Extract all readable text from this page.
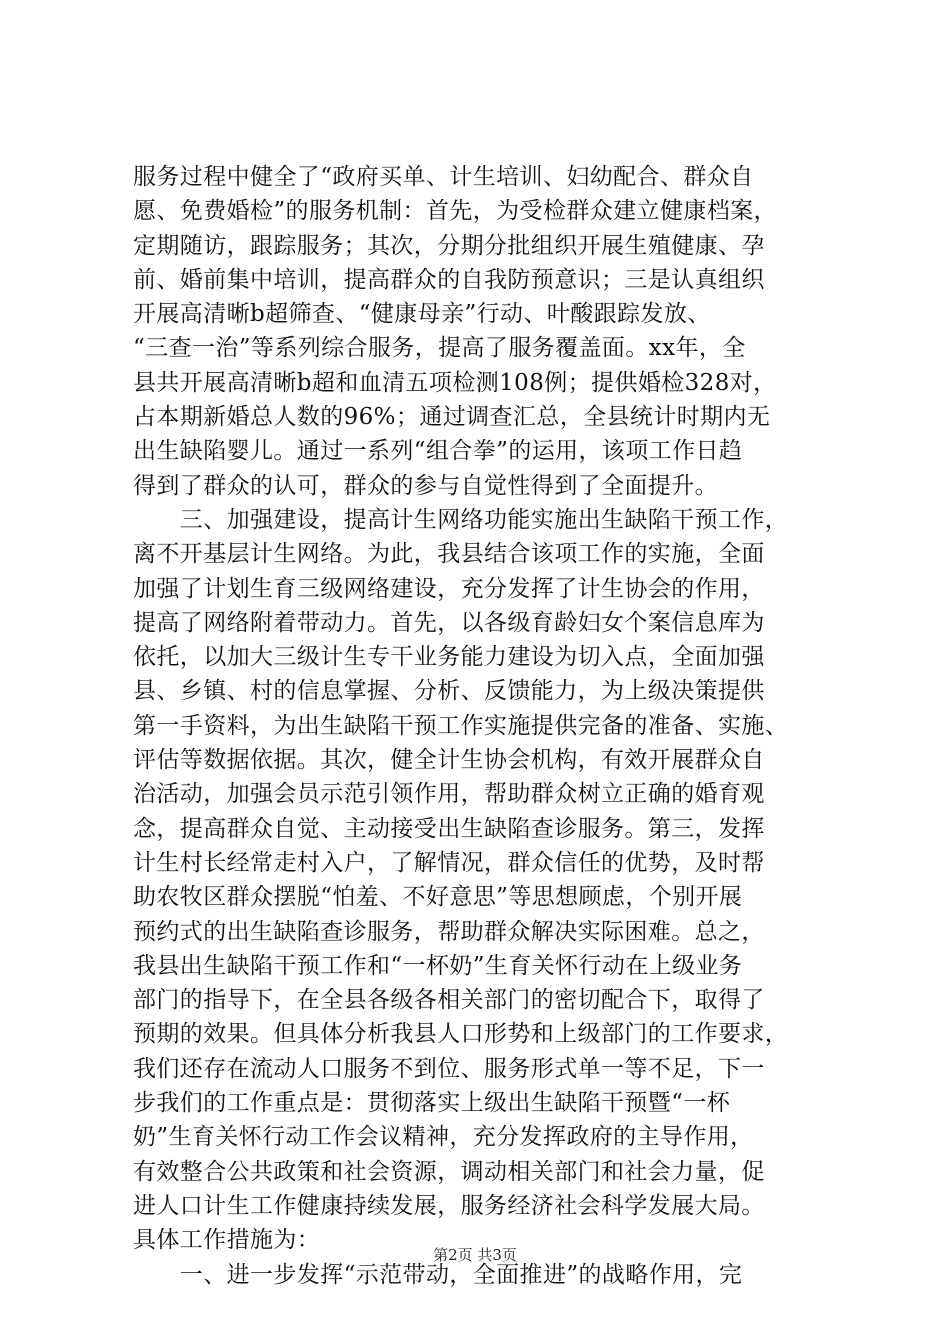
服务过程中健全了“政府买单、计生培训、妇幼配合、群众自
愿、免费婚检”的服务机制：首先，为受检群众建立健康档案，
定期随访，跟踪服务；其次，分期分批组织开展生殖健康、孕
前、婚前集中培训，提高群众的自我防预意识；三是认真组织
开展高清晰b超筛查、“健康母亲”行动、叶酸跟踪发放、
“三查一治”等系列综合服务，提高了服务覆盖面。xx年，全
县共开展高清晰b超和血清五项检测108例；提供婚检328对，
占本期新婚总人数的96%；通过调查汇总，全县统计时期内无
出生缺陷婴儿。通过一系列“组合拳”的运用，该项工作日趋
得到了群众的认可，群众的参与自觉性得到了全面提升。
　　三、加强建设，提高计生网络功能实施出生缺陷干预工作，
离不开基层计生网络。为此，我县结合该项工作的实施，全面
加强了计划生育三级网络建设，充分发挥了计生协会的作用，
提高了网络附着带动力。首先，以各级育龄妇女个案信息库为
依托，以加大三级计生专干业务能力建设为切入点，全面加强
县、乡镇、村的信息掌握、分析、反馈能力，为上级决策提供
第一手资料，为出生缺陷干预工作实施提供完备的准备、实施、
评估等数据依据。其次，健全计生协会机构，有效开展群众自
治活动，加强会员示范引领作用，帮助群众树立正确的婚育观
念，提高群众自觉、主动接受出生缺陷查诊服务。第三，发挥
计生村长经常走村入户，了解情况，群众信任的优势，及时帮
助农牧区群众摆脱“怕羞、不好意思”等思想顾虑，个别开展
预约式的出生缺陷查诊服务，帮助群众解决实际困难。总之，
我县出生缺陷干预工作和“一杯奶”生育关怀行动在上级业务
部门的指导下，在全县各级各相关部门的密切配合下，取得了
预期的效果。但具体分析我县人口形势和上级部门的工作要求，
我们还存在流动人口服务不到位、服务形式单一等不足，下一
步我们的工作重点是：贯彻落实上级出生缺陷干预暨“一杯
奶”生育关怀行动工作会议精神，充分发挥政府的主导作用，
有效整合公共政策和社会资源，调动相关部门和社会力量，促
进人口计生工作健康持续发展，服务经济社会科学发展大局。
具体工作措施为：
　　一、进一步发挥“示范带动，全面推进”的战略作用，完
第2页 共3页
